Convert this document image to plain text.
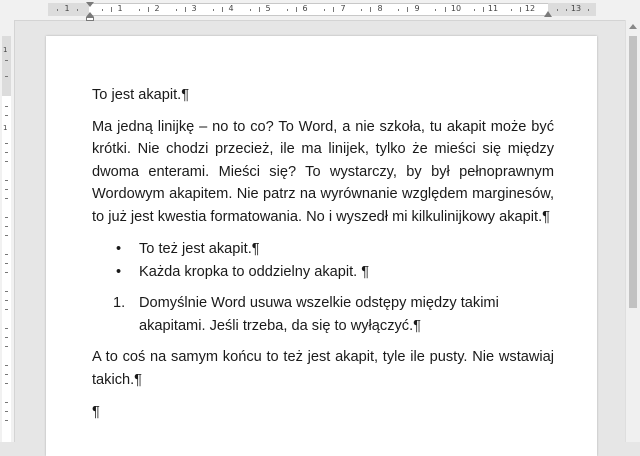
1	1	2	3	4	5	6	7	8	9	10	11	12	13
1
1

To jest akapit.¶

Ma jedną linijkę – no to co? To Word, a nie szkoła, tu akapit może być krótki. Nie chodzi przecież, ile ma linijek, tylko że mieści się między dwoma enterami. Mieści się? To wystarczy, by był pełnoprawnym Wordowym akapitem. Nie patrz na wyrównanie względem marginesów, to już jest kwestia formatowania. No i wyszedł mi kilkulinijkowy akapit.¶

• To też jest akapit.¶
• Każda kropka to oddzielny akapit. ¶
1. Domyślnie Word usuwa wszelkie odstępy między takimi akapitami. Jeśli trzeba, da się to wyłączyć.¶

A to coś na samym końcu to też jest akapit, tyle ile pusty. Nie wstawiaj takich.¶

¶
